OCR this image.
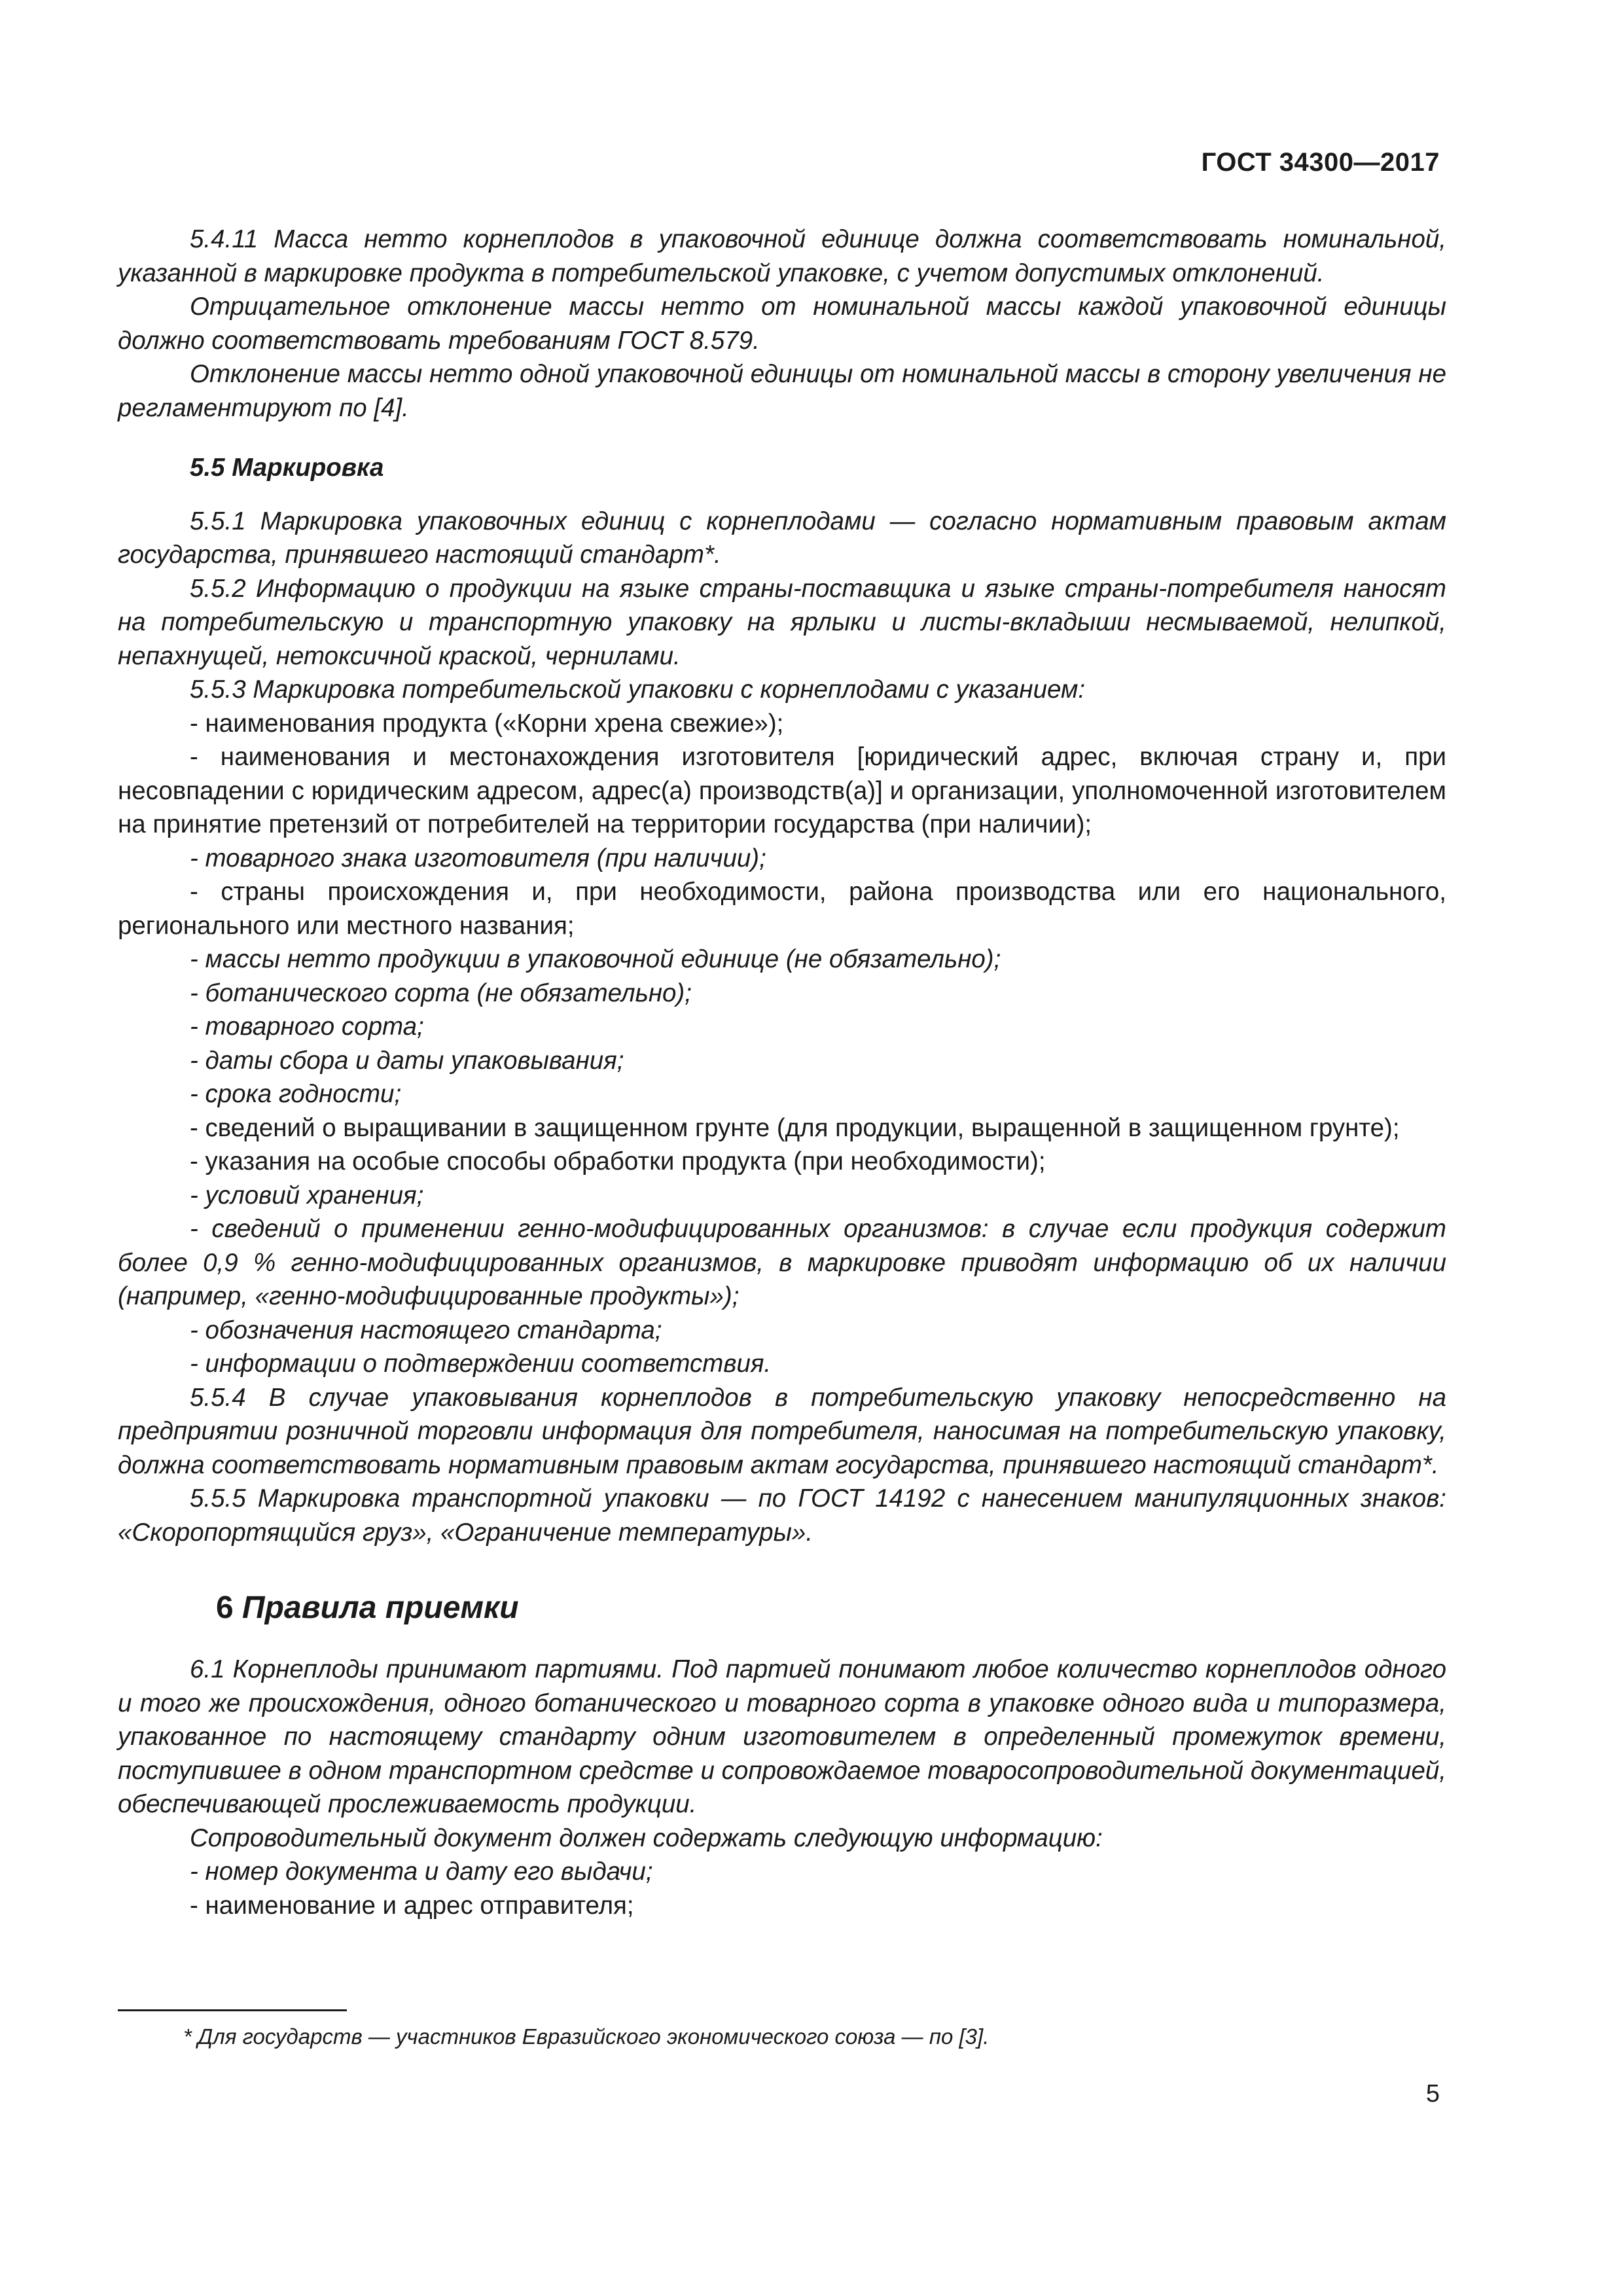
ГОСТ 34300—2017

5.4.11 Масса нетто корнеплодов в упаковочной единице должна соответствовать номинальной, указанной в маркировке продукта в потребительской упаковке, с учетом допустимых отклонений.

Отрицательное отклонение массы нетто от номинальной массы каждой упаковочной единицы должно соответствовать требованиям ГОСТ 8.579.

Отклонение массы нетто одной упаковочной единицы от номинальной массы в сторону увеличения не регламентируют по [4].

5.5 Маркировка

5.5.1 Маркировка упаковочных единиц с корнеплодами — согласно нормативным правовым актам государства, принявшего настоящий стандарт*.

5.5.2 Информацию о продукции на языке страны-поставщика и языке страны-потребителя наносят на потребительскую и транспортную упаковку на ярлыки и листы-вкладыши несмываемой, нелипкой, непахнущей, нетоксичной краской, чернилами.

5.5.3 Маркировка потребительской упаковки с корнеплодами с указанием:

- наименования продукта («Корни хрена свежие»);

- наименования и местонахождения изготовителя [юридический адрес, включая страну и, при несовпадении с юридическим адресом, адрес(а) производств(а)] и организации, уполномоченной изготовителем на принятие претензий от потребителей на территории государства (при наличии);

- товарного знака изготовителя (при наличии);

- страны происхождения и, при необходимости, района производства или его национального, регионального или местного названия;

- массы нетто продукции в упаковочной единице (не обязательно);

- ботанического сорта (не обязательно);

- товарного сорта;

- даты сбора и даты упаковывания;

- срока годности;

- сведений о выращивании в защищенном грунте (для продукции, выращенной в защищенном грунте);

- указания на особые способы обработки продукта (при необходимости);

- условий хранения;

- сведений о применении генно-модифицированных организмов: в случае если продукция содержит более 0,9 % генно-модифицированных организмов, в маркировке приводят информацию об их наличии (например, «генно-модифицированные продукты»);

- обозначения настоящего стандарта;

- информации о подтверждении соответствия.

5.5.4 В случае упаковывания корнеплодов в потребительскую упаковку непосредственно на предприятии розничной торговли информация для потребителя, наносимая на потребительскую упаковку, должна соответствовать нормативным правовым актам государства, принявшего настоящий стандарт*.

5.5.5 Маркировка транспортной упаковки — по ГОСТ 14192 с нанесением манипуляционных знаков: «Скоропортящийся груз», «Ограничение температуры».

6 Правила приемки

6.1 Корнеплоды принимают партиями. Под партией понимают любое количество корнеплодов одного и того же происхождения, одного ботанического и товарного сорта в упаковке одного вида и типоразмера, упакованное по настоящему стандарту одним изготовителем в определенный промежуток времени, поступившее в одном транспортном средстве и сопровождаемое товаросопроводительной документацией, обеспечивающей прослеживаемость продукции.

Сопроводительный документ должен содержать следующую информацию:

- номер документа и дату его выдачи;

- наименование и адрес отправителя;

* Для государств — участников Евразийского экономического союза — по [3].
5
